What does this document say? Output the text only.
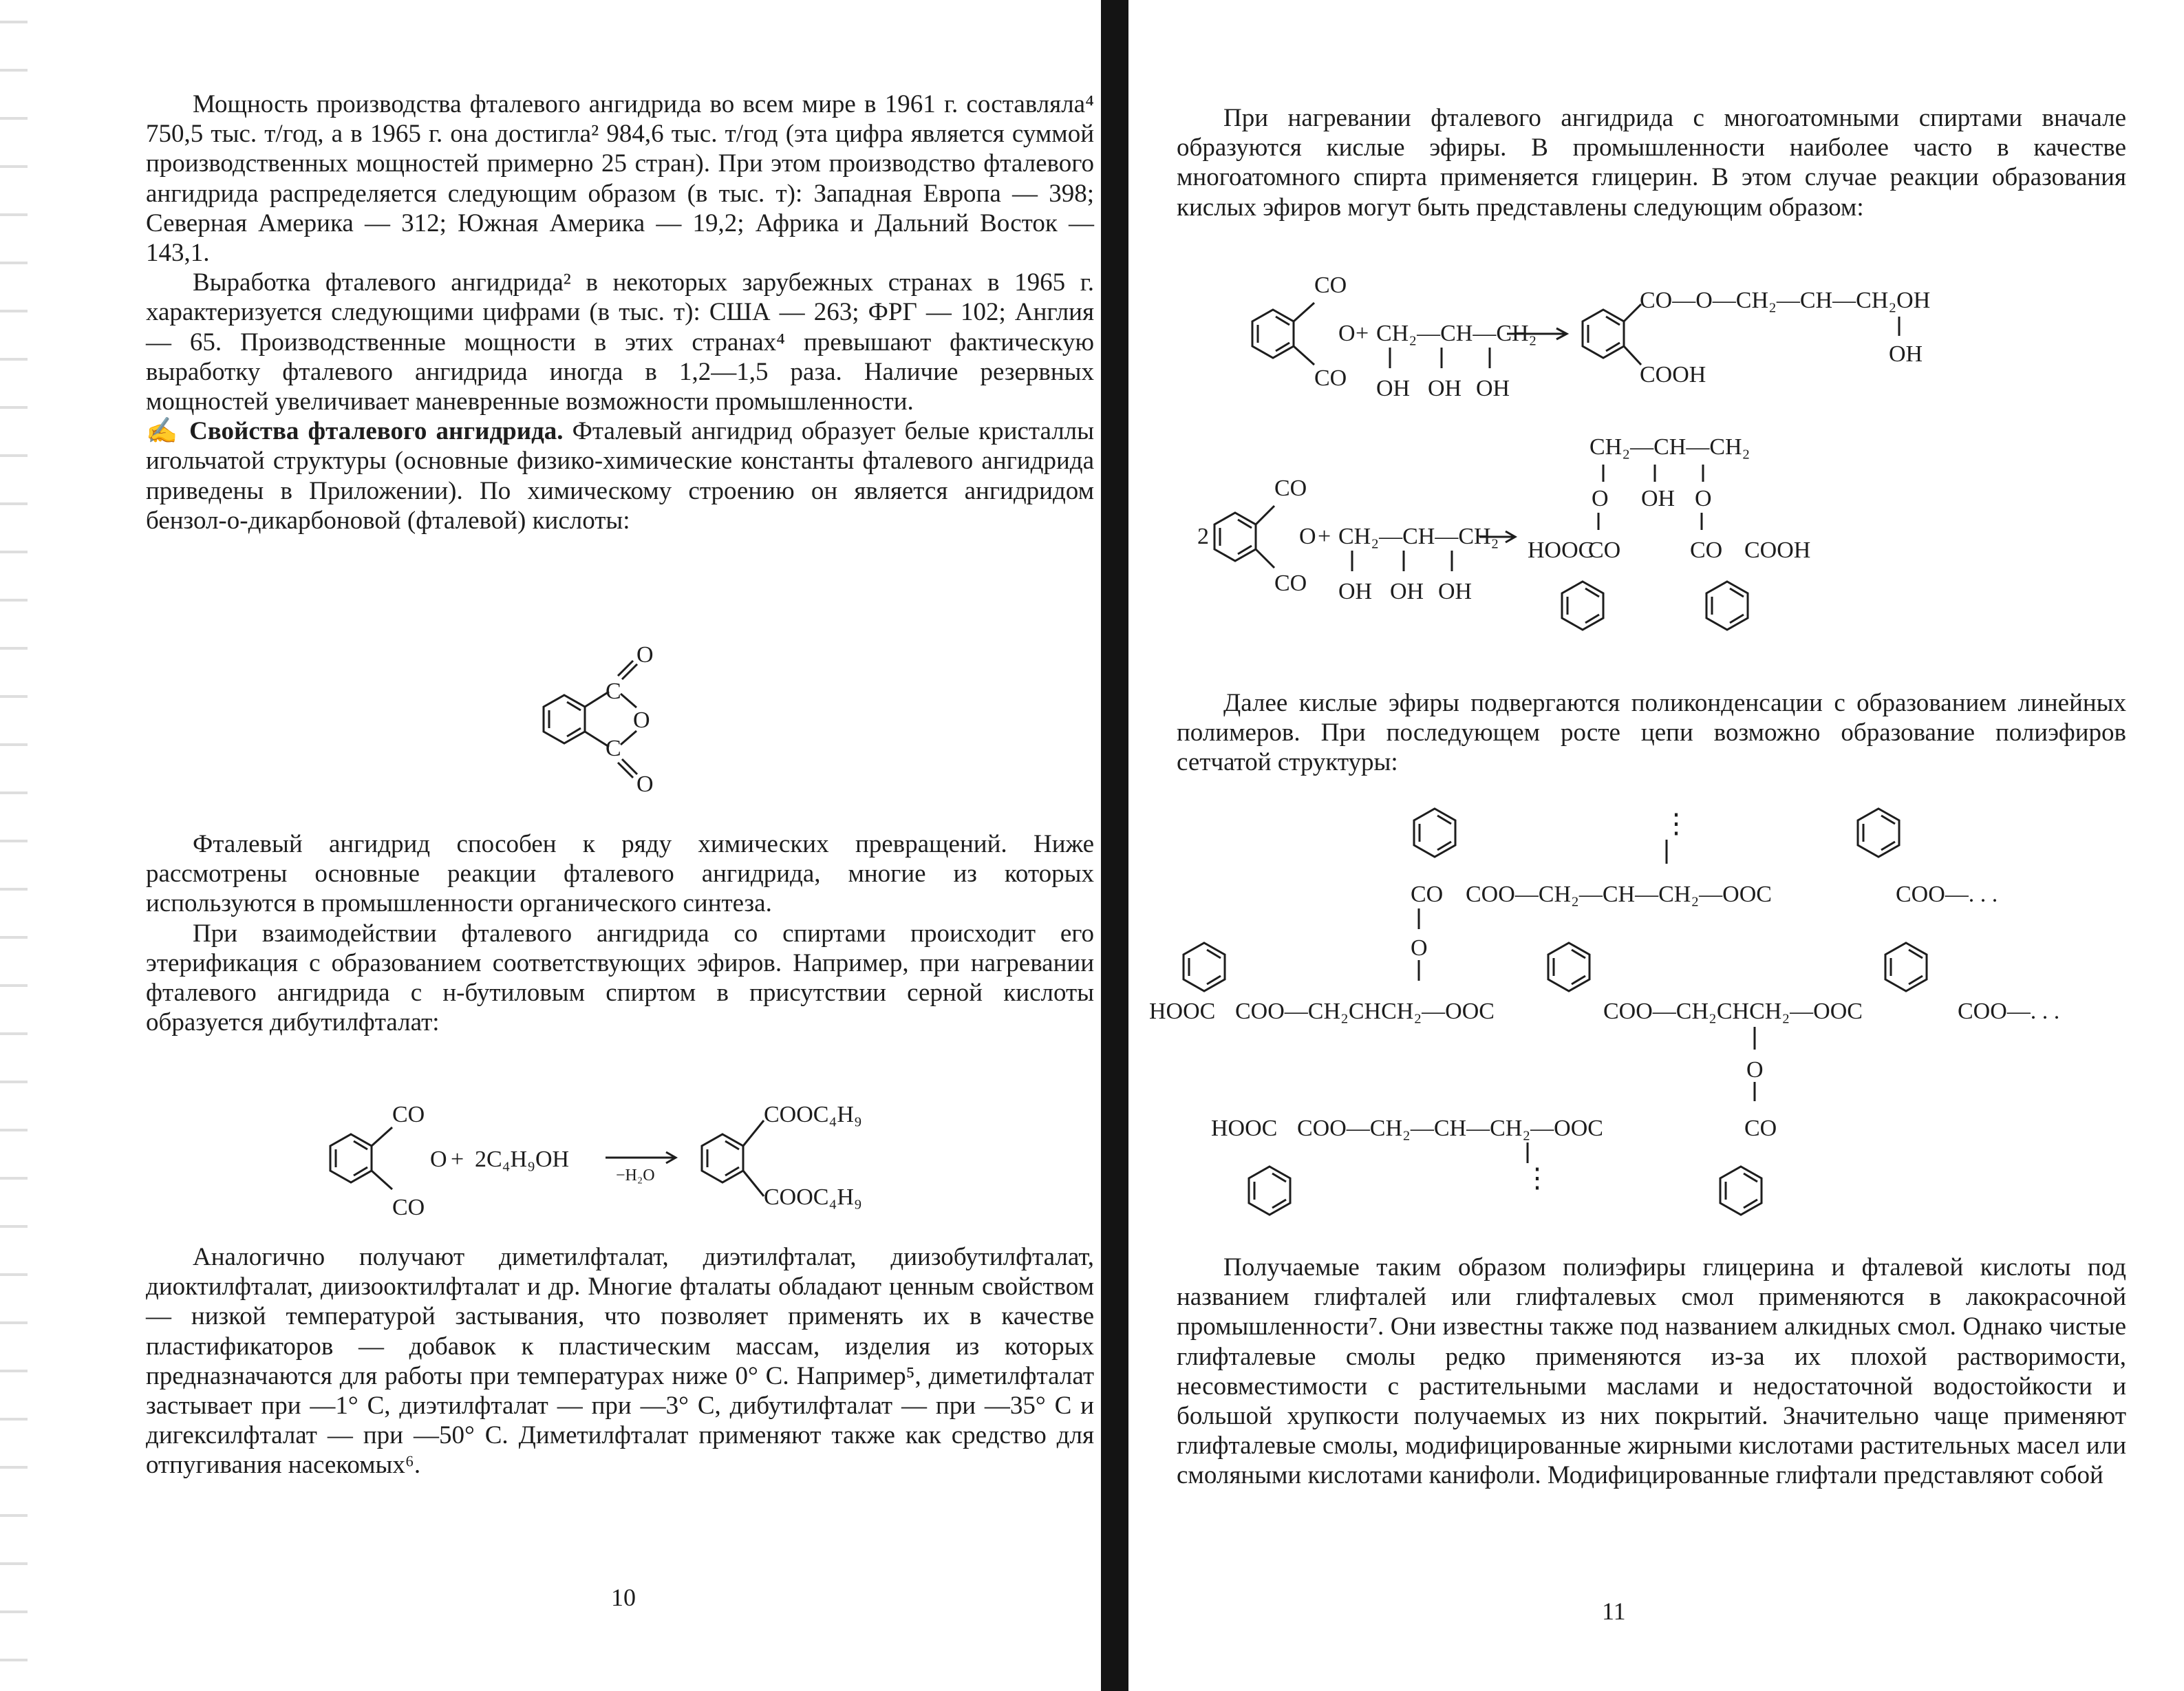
Мощность производства фталевого ангидрида во всем мире в 1961 г. составляла⁴ 750,5 тыс. т/год, а в 1965 г. она достигла² 984,6 тыс. т/год (эта цифра является суммой производственных мощностей примерно 25 стран). При этом производство фталевого ангидрида распределяется следующим образом (в тыс. т): Западная Европа — 398; Северная Америка — 312; Южная Америка — 19,2; Африка и Дальний Восток — 143,1.

Выработка фталевого ангидрида² в некоторых зарубежных странах в 1965 г. характеризуется следующими цифрами (в тыс. т): США — 263; ФРГ — 102; Англия — 65. Производственные мощности в этих странах⁴ превышают фактическую выработку фталевого ангидрида иногда в 1,2—1,5 раза. Наличие резервных мощностей увеличивает маневренные возможности промышленности.

✍ Свойства фталевого ангидрида. Фталевый ангидрид образует белые кристаллы игольчатой структуры (основные физико-химические константы фталевого ангидрида приведены в Приложении). По химическому строению он является ангидридом бензол-о-дикарбоновой (фталевой) кислоты:

C
C
O
O
O

Фталевый ангидрид способен к ряду химических превращений. Ниже рассмотрены основные реакции фталевого ангидрида, многие из которых используются в промышленности органического синтеза.

При взаимодействии фталевого ангидрида со спиртами происходит его этерификация с образованием соответствующих эфиров. Например, при нагревании фталевого ангидрида с н-бутиловым спиртом в присутствии серной кислоты образуется дибутилфталат:

CO
CO
O + 2C₄H₉OH
−H₂O
COOC₄H₉
COOC₄H₉

Аналогично получают диметилфталат, диэтилфталат, диизобутилфталат, диоктилфталат, диизооктилфталат и др. Многие фталаты обладают ценным свойством — низкой температурой застывания, что позволяет применять их в качестве пластификаторов — добавок к пластическим массам, изделия из которых предназначаются для работы при температурах ниже 0° С. Например⁵, диметилфталат застывает при —1° С, диэтилфталат — при —3° С, дибутилфталат — при —35° С и дигексилфталат — при —50° С. Диметилфталат применяют также как средство для отпугивания насекомых⁶.

10

При нагревании фталевого ангидрида с многоатомными спиртами вначале образуются кислые эфиры. В промышленности наиболее часто в качестве многоатомного спирта применяется глицерин. В этом случае реакции образования кислых эфиров могут быть представлены следующим образом:

CO
CO
O + CH₂—CH—CH₂
OH OH OH
CO—O—CH₂—CH—CH₂OH
OH
COOH
2
CO
CO
O + CH₂—CH—CH₂
OH OH OH
CH₂—CH—CH₂
O OH O
HOOC
CO	CO COOH

Далее кислые эфиры подвергаются поликонденсации с образованием линейных полимеров. При последующем росте цепи возможно образование полиэфиров сетчатой структуры:

⋮
CO COO—CH₂—CH—CH₂—OOC	COO—. . .
O
HOOC COO—CH₂CHCH₂—OOC	COO—CH₂CHCH₂—OOC	COO—. . .
O
HOOC COO—CH₂—CH—CH₂—OOC	CO
⋮

Получаемые таким образом полиэфиры глицерина и фталевой кислоты под названием глифталей или глифталевых смол применяются в лакокрасочной промышленности⁷. Они известны также под названием алкидных смол. Однако чистые глифталевые смолы редко применяются из-за их плохой растворимости, несовместимости с растительными маслами и недостаточной водостойкости и большой хрупкости получаемых из них покрытий. Значительно чаще применяют глифталевые смолы, модифицированные жирными кислотами растительных масел или смоляными кислотами канифоли. Модифицированные глифтали представляют собой

11
